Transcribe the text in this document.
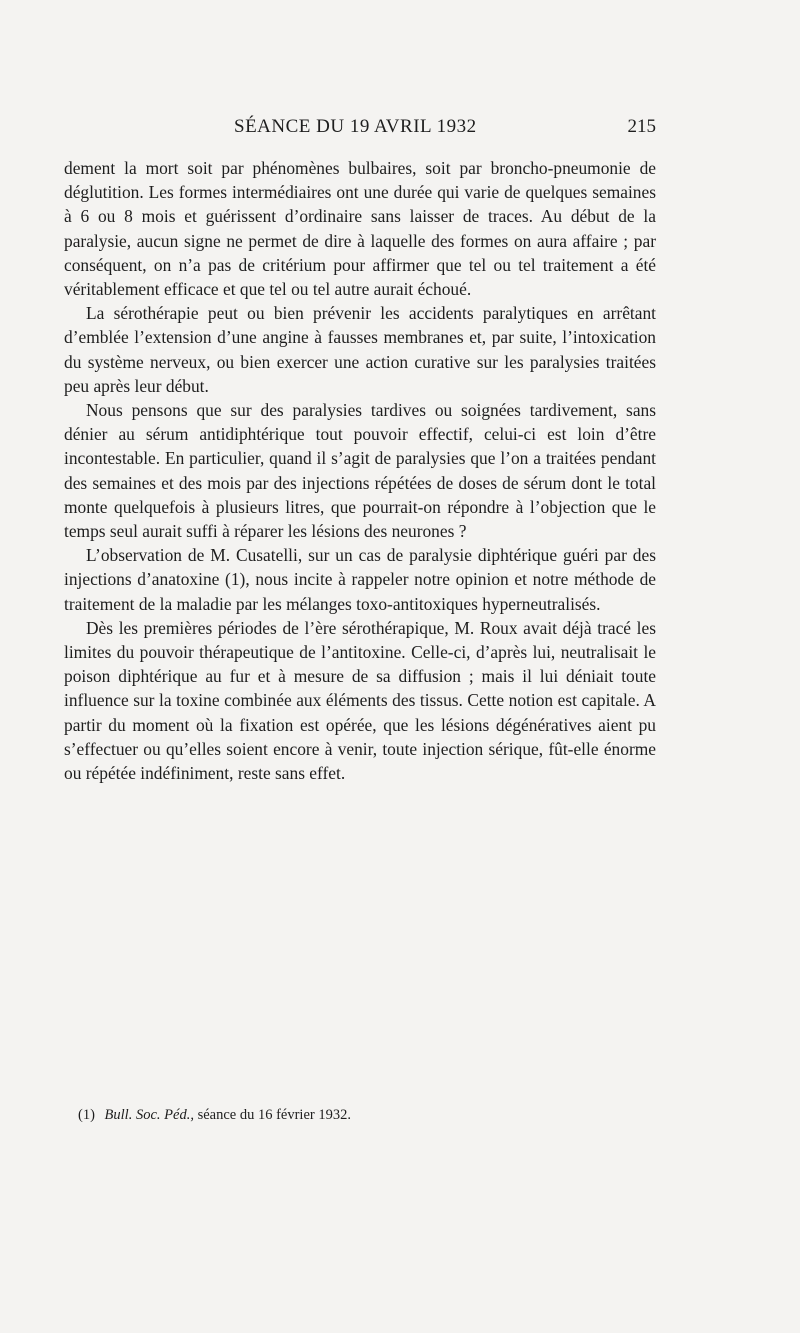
SÉANCE DU 19 AVRIL 1932	215

dement la mort soit par phénomènes bulbaires, soit par broncho-pneumonie de déglutition. Les formes intermédiaires ont une durée qui varie de quelques semaines à 6 ou 8 mois et guérissent d’ordinaire sans laisser de traces. Au début de la paralysie, aucun signe ne permet de dire à laquelle des formes on aura affaire ; par conséquent, on n’a pas de critérium pour affirmer que tel ou tel traitement a été véritablement efficace et que tel ou tel autre aurait échoué.

La sérothérapie peut ou bien prévenir les accidents paralytiques en arrêtant d’emblée l’extension d’une angine à fausses membranes et, par suite, l’intoxication du système nerveux, ou bien exercer une action curative sur les paralysies traitées peu après leur début.

Nous pensons que sur des paralysies tardives ou soignées tardivement, sans dénier au sérum antidiphtérique tout pouvoir effectif, celui-ci est loin d’être incontestable. En particulier, quand il s’agit de paralysies que l’on a traitées pendant des semaines et des mois par des injections répétées de doses de sérum dont le total monte quelquefois à plusieurs litres, que pourrait-on répondre à l’objection que le temps seul aurait suffi à réparer les lésions des neurones ?

L’observation de M. Cusatelli, sur un cas de paralysie diphtérique guéri par des injections d’anatoxine (1), nous incite à rappeler notre opinion et notre méthode de traitement de la maladie par les mélanges toxo-antitoxiques hyperneutralisés.

Dès les premières périodes de l’ère sérothérapique, M. Roux avait déjà tracé les limites du pouvoir thérapeutique de l’antitoxine. Celle-ci, d’après lui, neutralisait le poison diphtérique au fur et à mesure de sa diffusion ; mais il lui déniait toute influence sur la toxine combinée aux éléments des tissus. Cette notion est capitale. A partir du moment où la fixation est opérée, que les lésions dégénératives aient pu s’effectuer ou qu’elles soient encore à venir, toute injection sérique, fût-elle énorme ou répétée indéfiniment, reste sans effet.

(1) Bull. Soc. Péd., séance du 16 février 1932.
